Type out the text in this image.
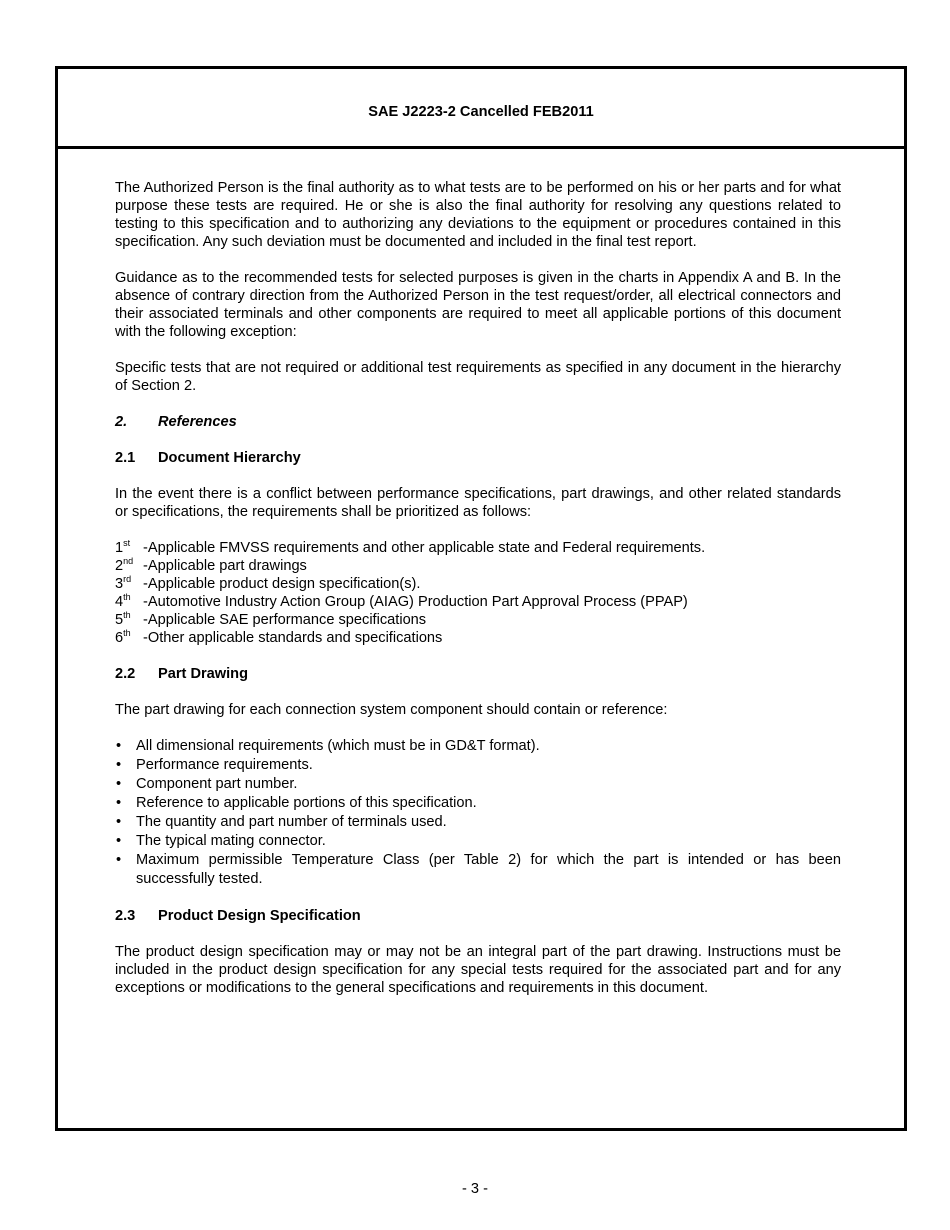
SAE J2223-2 Cancelled FEB2011

The Authorized Person is the final authority as to what tests are to be performed on his or her parts and for what purpose these tests are required. He or she is also the final authority for resolving any questions related to testing to this specification and to authorizing any deviations to the equipment or procedures contained in this specification. Any such deviation must be documented and included in the final test report.

Guidance as to the recommended tests for selected purposes is given in the charts in Appendix A and B. In the absence of contrary direction from the Authorized Person in the test request/order, all electrical connectors and their associated terminals and other components are required to meet all applicable portions of this document with the following exception:

Specific tests that are not required or additional test requirements as specified in any document in the hierarchy of Section 2.

2. References
2.1 Document Hierarchy

In the event there is a conflict between performance specifications, part drawings, and other related standards or specifications, the requirements shall be prioritized as follows:

1st -Applicable FMVSS requirements and other applicable state and Federal requirements.
2nd -Applicable part drawings
3rd -Applicable product design specification(s).
4th -Automotive Industry Action Group (AIAG) Production Part Approval Process (PPAP)
5th -Applicable SAE performance specifications
6th -Other applicable standards and specifications
2.2 Part Drawing

The part drawing for each connection system component should contain or reference:

• All dimensional requirements (which must be in GD&T format).
• Performance requirements.
• Component part number.
• Reference to applicable portions of this specification.
• The quantity and part number of terminals used.
• The typical mating connector.
• Maximum permissible Temperature Class (per Table 2) for which the part is intended or has been successfully tested.
2.3 Product Design Specification

The product design specification may or may not be an integral part of the part drawing. Instructions must be included in the product design specification for any special tests required for the associated part and for any exceptions or modifications to the general specifications and requirements in this document.

- 3 -
